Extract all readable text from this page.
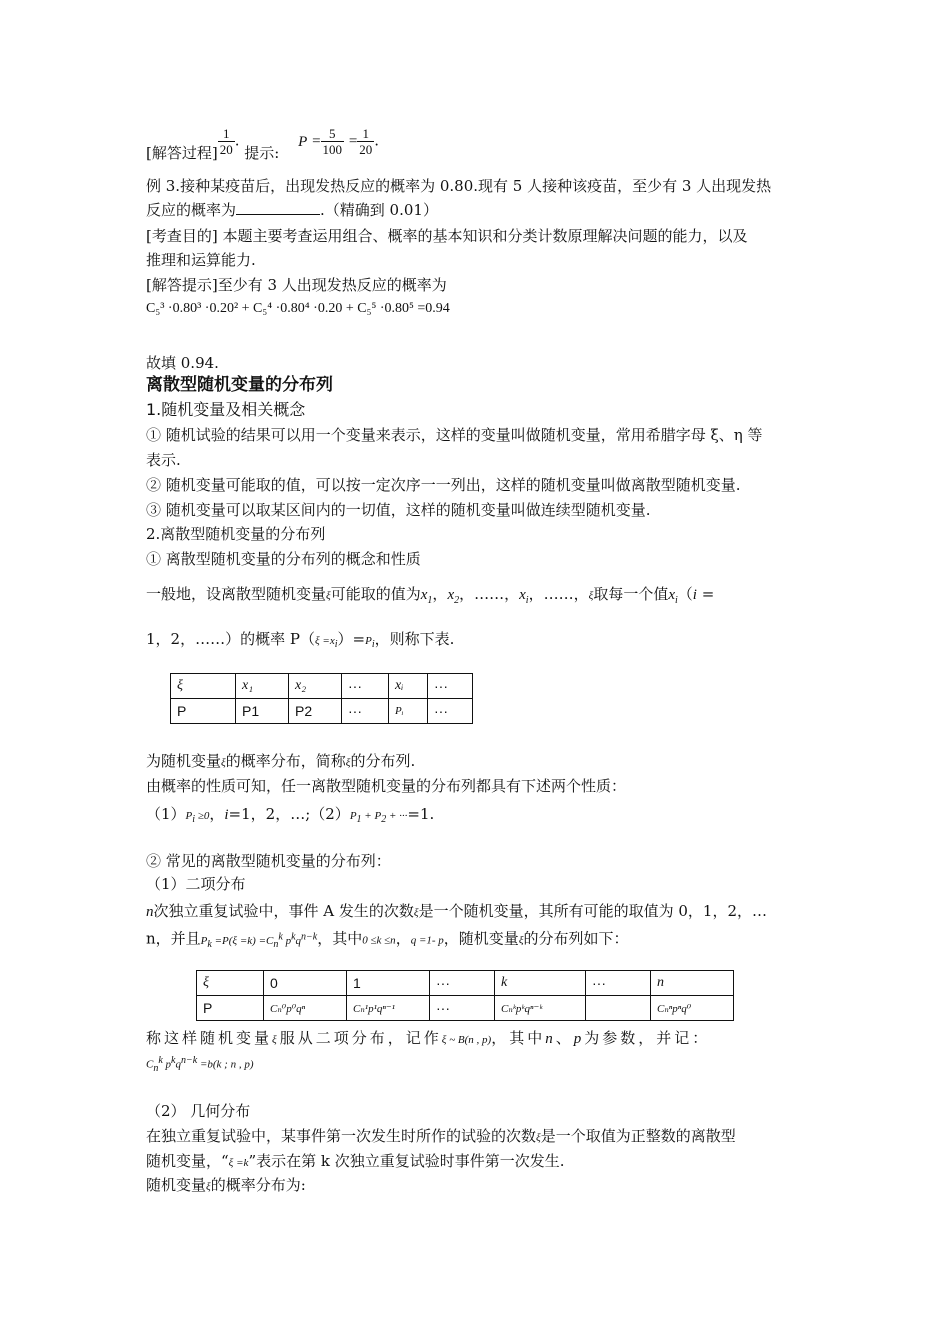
[解答过程] $\frac{1}{20}$ . 提示: $P = \frac{5}{100} = \frac{1}{20}$ .
例 3.接种某疫苗后，出现发热反应的概率为 0.80.现有 5 人接种该疫苗，至少有 3 人出现发热
反应的概率为	.（精确到 0.01）
[考查目的] 本题主要考查运用组合、概率的基本知识和分类计数原理解决问题的能力，以及
推理和运算能力.
[解答提示]至少有 3 人出现发热反应的概率为
C₅³ ·0.80³ ·0.20² + C₅⁴ ·0.80⁴ ·0.20 + C₅⁵ ·0.80⁵ =0.94
故填 0.94.
离散型随机变量的分布列
1.随机变量及相关概念
① 随机试验的结果可以用一个变量来表示，这样的变量叫做随机变量，常用希腊字母 ξ、η 等
表示.
② 随机变量可能取的值，可以按一定次序一一列出，这样的随机变量叫做离散型随机变量.
③ 随机变量可以取某区间内的一切值，这样的随机变量叫做连续型随机变量.
2.离散型随机变量的分布列
① 离散型随机变量的分布列的概念和性质
一般地，设离散型随机变量ξ可能取的值为$x_1$，$x_2$，……，$x_i$，……，ξ取每一个值$x_i(i$ =
1，2，……）的概率 $P(\xi =x_i)=P_i$，则称下表.
ξ	x₁	x₂	···	xᵢ	···
P	P1	P2	···	Pᵢ	···
为随机变量ξ的概率分布，简称ξ的分布列.
由概率的性质可知，任一离散型随机变量的分布列都具有下述两个性质：
$(1)P_i \ge 0$，i=1，2，$\dots;(2)P_1 + P_2 + \cdot\cdot\cdot=1$.
② 常见的离散型随机变量的分布列：
（1）二项分布
n次独立重复试验中，事件 A 发生的次数ξ是一个随机变量，其所有可能的取值为 0，1，2，…
n，并且$P_k =P(\xi =k) =C_n^k$ $p^kq^{n-k}$，其中0 ≤k ≤n，q =1- p，随机变量ξ的分布列如下：
ξ	0	1	···	k	···	n
P	Cₙ⁰p⁰qⁿ	Cₙ¹p¹qⁿ⁻¹	···	Cₙᵏpᵏqⁿ⁻ᵏ		Cₙⁿpⁿq⁰
称这样随机变量ξ服从二项分布，记作ξ ~ B(n , p)，其中n、p为参数，并记：
$C_n^k$ $p^kq^{n-k} =b(k$ ; n , p)
（2） 几何分布
在独立重复试验中，某事件第一次发生时所作的试验的次数ξ是一个取值为正整数的离散型
随机变量，“ξ =k”表示在第 k 次独立重复试验时事件第一次发生.
随机变量ξ的概率分布为:
